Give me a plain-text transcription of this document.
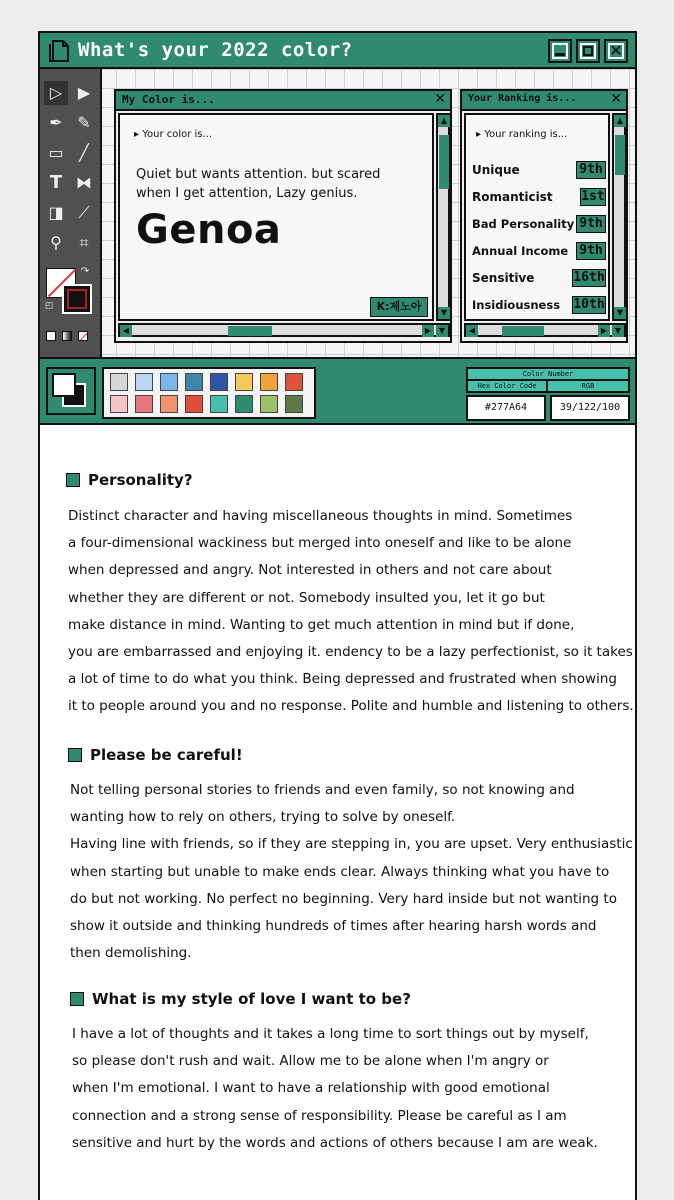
What's your 2022 color?	✕
▷ ▶
✒ ✎
▭ ╱
T ⧓
◨ ⟋
⚲	⌗
↷
◰
My Color is...	✕
▸ Your color is...
Quiet but wants attention. but scared
when I get attention, Lazy genius.
Genoa
K:제노아
▲
▼
◀	▶ ▼
Your Ranking is... ✕
▸ Your ranking is...
Unique	9th
Romanticist 1st
Bad Personality 9th
Annual Income 9th
Sensitive	16th
Insidiousness 10th
▲
▼
◀	▶ ▼
Color Number
Hex Color Code	RGB
#277A64	39/122/100
Personality?
Distinct character and having miscellaneous thoughts in mind. Sometimes
a four-dimensional wackiness but merged into oneself and like to be alone
when depressed and angry. Not interested in others and not care about
whether they are different or not. Somebody insulted you, let it go but
make distance in mind. Wanting to get much attention in mind but if done,
you are embarrassed and enjoying it. endency to be a lazy perfectionist, so it takes
a lot of time to do what you think. Being depressed and frustrated when showing
it to people around you and no response. Polite and humble and listening to others.
Please be careful!
Not telling personal stories to friends and even family, so not knowing and
wanting how to rely on others, trying to solve by oneself.
Having line with friends, so if they are stepping in, you are upset. Very enthusiastic
when starting but unable to make ends clear. Always thinking what you have to
do but not working. No perfect no beginning. Very hard inside but not wanting to
show it outside and thinking hundreds of times after hearing harsh words and
then demolishing.
What is my style of love I want to be?
I have a lot of thoughts and it takes a long time to sort things out by myself,
so please don't rush and wait. Allow me to be alone when I'm angry or
when I'm emotional. I want to have a relationship with good emotional
connection and a strong sense of responsibility. Please be careful as I am
sensitive and hurt by the words and actions of others because I am are weak.
